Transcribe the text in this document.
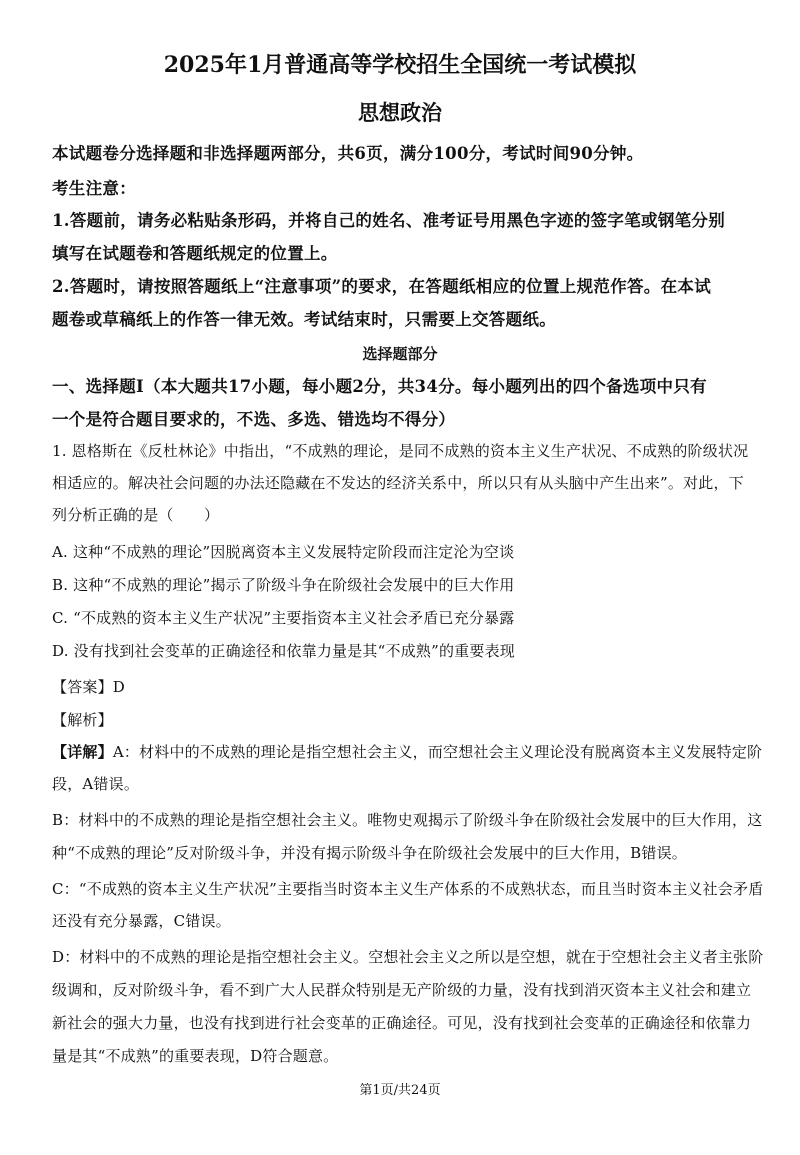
2025年1月普通高等学校招生全国统一考试模拟
思想政治
本试题卷分选择题和非选择题两部分，共6页，满分100分，考试时间90分钟。
考生注意：
1.答题前，请务必粘贴条形码，并将自己的姓名、准考证号用黑色字迹的签字笔或钢笔分别
填写在试题卷和答题纸规定的位置上。
2.答题时，请按照答题纸上“注意事项”的要求，在答题纸相应的位置上规范作答。在本试
题卷或草稿纸上的作答一律无效。考试结束时，只需要上交答题纸。
选择题部分
一、选择题Ⅰ（本大题共17小题，每小题2分，共34分。每小题列出的四个备选项中只有
一个是符合题目要求的，不选、多选、错选均不得分）
1. 恩格斯在《反杜林论》中指出，“不成熟的理论，是同不成熟的资本主义生产状况、不成熟的阶级状况
相适应的。解决社会问题的办法还隐藏在不发达的经济关系中，所以只有从头脑中产生出来”。对此，下
列分析正确的是（　　）
A. 这种“不成熟的理论”因脱离资本主义发展特定阶段而注定沦为空谈
B. 这种“不成熟的理论”揭示了阶级斗争在阶级社会发展中的巨大作用
C. “不成熟的资本主义生产状况”主要指资本主义社会矛盾已充分暴露
D. 没有找到社会变革的正确途径和依靠力量是其“不成熟”的重要表现
【答案】D
【解析】
【详解】A：材料中的不成熟的理论是指空想社会主义，而空想社会主义理论没有脱离资本主义发展特定阶
段，A错误。
B：材料中的不成熟的理论是指空想社会主义。唯物史观揭示了阶级斗争在阶级社会发展中的巨大作用，这
种“不成熟的理论”反对阶级斗争，并没有揭示阶级斗争在阶级社会发展中的巨大作用，B错误。
C：“不成熟的资本主义生产状况”主要指当时资本主义生产体系的不成熟状态，而且当时资本主义社会矛盾
还没有充分暴露，C错误。
D：材料中的不成熟的理论是指空想社会主义。空想社会主义之所以是空想，就在于空想社会主义者主张阶
级调和，反对阶级斗争，看不到广大人民群众特别是无产阶级的力量，没有找到消灭资本主义社会和建立
新社会的强大力量，也没有找到进行社会变革的正确途径。可见，没有找到社会变革的正确途径和依靠力
量是其“不成熟”的重要表现，D符合题意。
第1页/共24页
